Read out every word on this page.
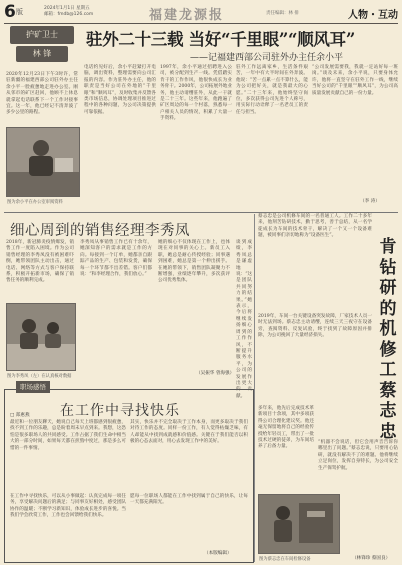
6 版	2024年1月1日 星期五
邮箱：fmdb@126.com	福建龙源报	责任编辑：林 排	人物・互动
护矿卫士
林 锋
驻外二十三载 当好“千里眼”“顺风耳”
——记福建西部公司驻外办主任余小平
2020年12月23日下午3时许，常驻新疆的福建西部公司驻外办主任余小平一脸疲惫地走进办公室。刚从邻市的矿区赶回，他顾不上休息就拿起电话联系下一个工作对接事宜。这一年，他已经记不清奔波了多少公里的路程。
图为余小平在办公室审阅资料
电话约见好后，余小平赶紧打开电脑，调出资料，整理需要向公司汇报的内容。作为驻外办主任，他的职责是当好公司在外地的“千里眼”和“顺风耳”，及时收集并反馈各类市场信息，协调处理项目推进过程中的各种问题，为公司决策提供可靠依据。
1997年，余小平通过招聘进入公司，被分配到生产一线。凭借踏实肯干的工作作风，他很快成长为业务骨干。2000年，公司拓展外地业务，他主动请缨驻外，从此一干就是二十三年。这些年来，他跑遍了矿区周边的每一个村落，熟悉每一户相关人员的情况，积累了大量一手资料。
驻外工作远离家乡，生活条件艰苦，一年中有大半时间在外奔波。他说：“苦一点累一点不算什么，能为公司把好关，就是我最大的心愿。”二十三年来，他始终坚守岗位，多次获得公司先进个人称号，用实际行动诠释了一名老员工的责任与担当。
“公司发展需要我，我就一定站好每一班岗。”谈及未来，余小平说，只要身体允许，他将一直坚守在驻外工作一线，继续当好公司的“千里眼”“顺风耳”，为公司高质量发展贡献自己的一份力量。
（李 涛）
细心周到的销售经理李秀凤
2018年，新冠肺炎疫情爆发，销售工作一度陷入困境。作为公司销售经理的李秀凤没有被困难吓倒，她带领团队主动出击，通过电话、网络等方式与客户保持联系，积极开拓新市场，确保了销售任务的顺利完成。
图为李秀凤（左）在认真核对数据
李秀凤从事销售工作已有十余年，她深知客户的需求就是工作的方向。每接到一个订单，她都亲自跟踪产品的生产、包装和发货，确保每一个环节都不出差错。客户们都说：“和李经理合作，我们放心。”
她的细心不仅体现在工作上，也体现在对同事的关心上。新员工入职，她总是耐心传授经验；同事遇到困难，她总是第一个伸出援手。在她的带领下，销售团队凝聚力不断增强，业绩逐年攀升，多次获评公司优秀集体。
谈到成绩，李秀凤总是谦虚地说：“这是团队共同努力的结果。”她表示，今后将继续发扬细心周到的工作作风，不断提升服务水平，为公司的发展作出更大的贡献。
（吴振华 曾海强）
蔡志忠是公司机修车间的一名普通工人。工作二十多年来，他刻苦钻研技术，勤于思考，善于总结，从一名学徒成长为车间的技术骨干，解决了一个又一个设备难题，被同事们亲切地称为“设备医生”。
肯钻研的机修工蔡志忠
2019年，车间一台关键设备突发故障，厂家技术人员一时无法到场。蔡志忠主动请缨，连续三天三夜守在设备旁，查阅资料、反复试验，终于找到了故障原因并排除，为公司挽回了大量经济损失。
多年来，他先后完成技术革新项目十余项，其中多项获得公司合理化建议奖。他还毫无保留地将自己的经验传授给年轻员工，带出了一批技术过硬的徒弟，为车间培养了后备力量。
“机器不会说话，但它会用声音告诉你哪里出了问题。”蔡志忠说，只要用心钻研，就没有解决不了的难题。他将继续立足岗位，发挥自身特长，为公司安全生产保驾护航。
图为蔡志忠在车间检修设备	（林锋珍 蔡国良）
职场感悟
在工作中寻找快乐
最近和一位朋友聊天，她说自己每天上班都感到很疲惫，找不到工作的乐趣，总是盼着周末早点到来。我想，这恐怕是很多职场人的共同感受。工作占据了我们生命中相当大的一部分时间，如果每天都在煎熬中度过，那是多么可惜的一件事情。
其实，快乐并不完全取决于工作本身，而更多取决于我们对待工作的态度。同样一份工作，有人觉得枯燥乏味，有人却能从中找到成就感和价值感。关键在于我们能否以积极的心态去面对，用心去发现工作中的美好。
在工作中寻找快乐，可以从小事做起：认真完成每一项任务，享受解决问题后的满足；与同事友好相处，感受团队协作的温暖；不断学习新知识，体验成长进步的喜悦。当我们学会欣赏工作，工作也会回馈给我们快乐。
愿每一位职场人都能在工作中找到属于自己的快乐，让每一天都充满阳光。
□ 郑惠燕
（本版编辑）
